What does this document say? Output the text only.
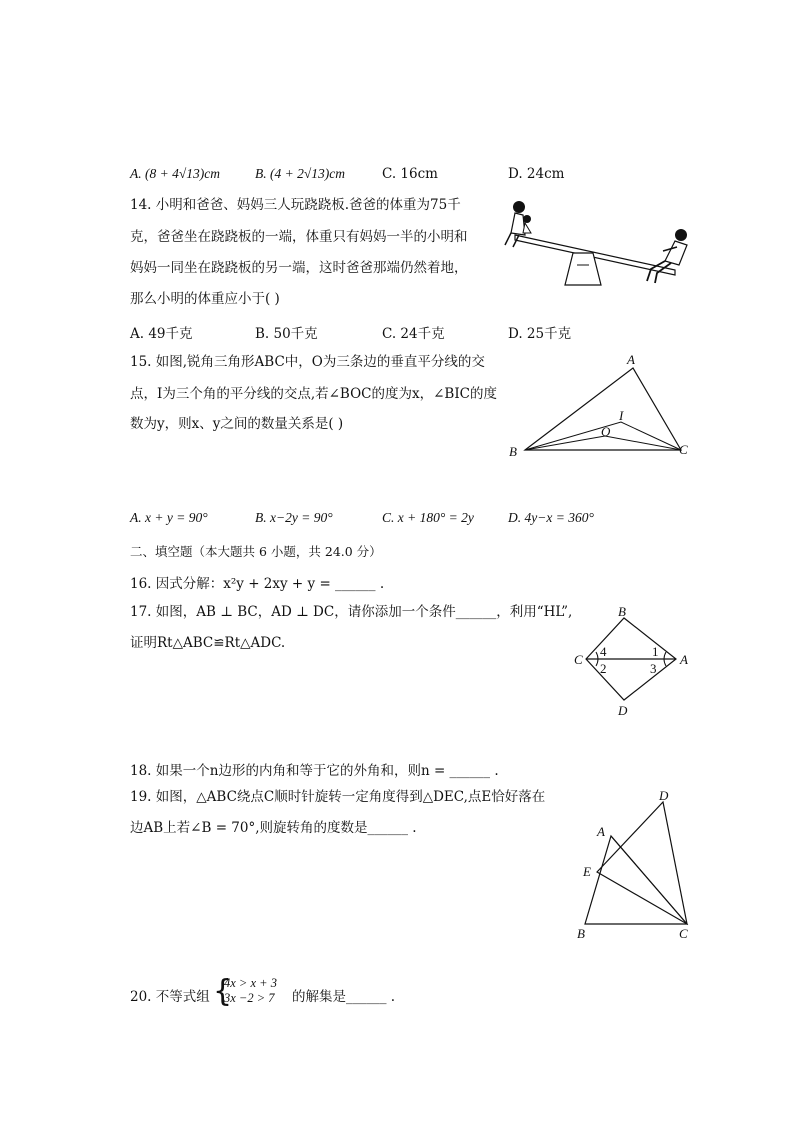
A. (8 + 4√13)cm	B. (4 + 2√13)cm	C. 16cm	D. 24cm
14. 小明和爸爸、妈妈三人玩跷跷板.爸爸的体重为75千
克，爸爸坐在跷跷板的一端，体重只有妈妈一半的小明和
妈妈一同坐在跷跷板的另一端，这时爸爸那端仍然着地，
那么小明的体重应小于( )
A. 49千克	B. 50千克	C. 24千克	D. 25千克
15. 如图,锐角三角形ABC中，O为三条边的垂直平分线的交
点，I为三个角的平分线的交点,若∠BOC的度为x，∠BIC的度
数为y，则x、y之间的数量关系是( )
A
B	C
O
I
A. x + y = 90°	B. x−2y = 90°	C. x + 180° = 2y	D. 4y−x = 360°
二、填空题（本大题共 6 小题，共 24.0 分）
16. 因式分解：x²y + 2xy + y = ______ .
17. 如图，AB ⊥ BC，AD ⊥ DC，请你添加一个条件______，利用“HL”,
证明Rt△ABC≌Rt△ADC.
B
C	A
D
4
2
1
3
18. 如果一个n边形的内角和等于它的外角和，则n = ______ .
19. 如图，△ABC绕点C顺时针旋转一定角度得到△DEC,点E恰好落在
边AB上若∠B = 70°,则旋转角的度数是______ .
D
A
E
B	C
20. 不等式组 {
4x > x + 3
3x −2 > 7 的解集是______ .
